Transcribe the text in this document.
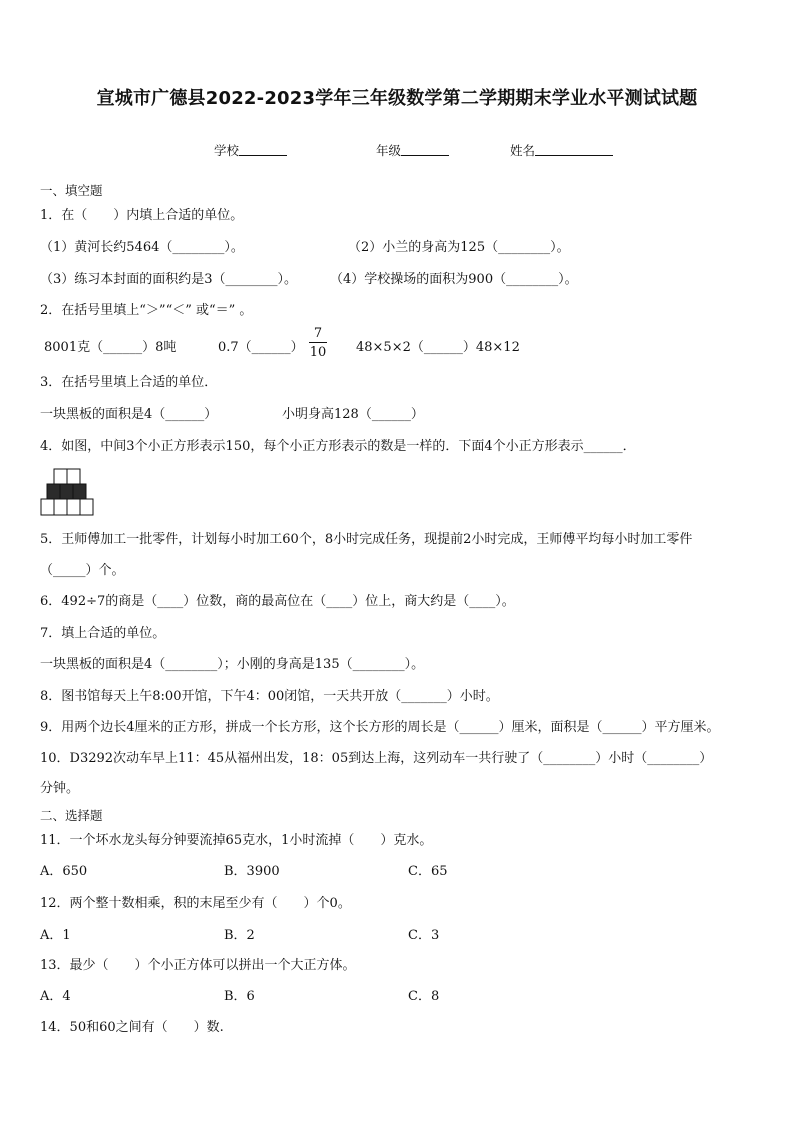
宣城市广德县2022-2023学年三年级数学第二学期期末学业水平测试试题
学校	年级	姓名
一、填空题
1．在（　　）内填上合适的单位。
（1）黄河长约5464（________）。	（2）小兰的身高为125（________）。
（3）练习本封面的面积约是3（________）。	（4）学校操场的面积为900（________）。
2．在括号里填上“＞”“＜” 或“＝” 。
8001克（______）8吨	0.7（______）
7
10 48×5×2（______）48×12
3．在括号里填上合适的单位．
一块黑板的面积是4（______）	小明身高128（______）
4．如图，中间3个小正方形表示150，每个小正方形表示的数是一样的．下面4个小正方形表示______．
5．王师傅加工一批零件，计划每小时加工60个，8小时完成任务，现提前2小时完成，王师傅平均每小时加工零件
（_____）个。
6．492÷7的商是（____）位数，商的最高位在（____）位上，商大约是（____）。
7．填上合适的单位。
一块黑板的面积是4（________）；小刚的身高是135（________）。
8．图书馆每天上午8:00开馆，下午4：00闭馆，一天共开放（_______）小时。
9．用两个边长4厘米的正方形，拼成一个长方形，这个长方形的周长是（______）厘米，面积是（______）平方厘米。
10．D3292次动车早上11：45从福州出发，18：05到达上海，这列动车一共行驶了（________）小时（________）
分钟。
二、选择题
11．一个坏水龙头每分钟要流掉65克水，1小时流掉（　　）克水。
A．650	B．3900	C．65
12．两个整十数相乘，积的末尾至少有（　　）个0。
A．1	B．2	C．3
13．最少（　　）个小正方体可以拼出一个大正方体。
A．4	B．6	C．8
14．50和60之间有（　　）数.
